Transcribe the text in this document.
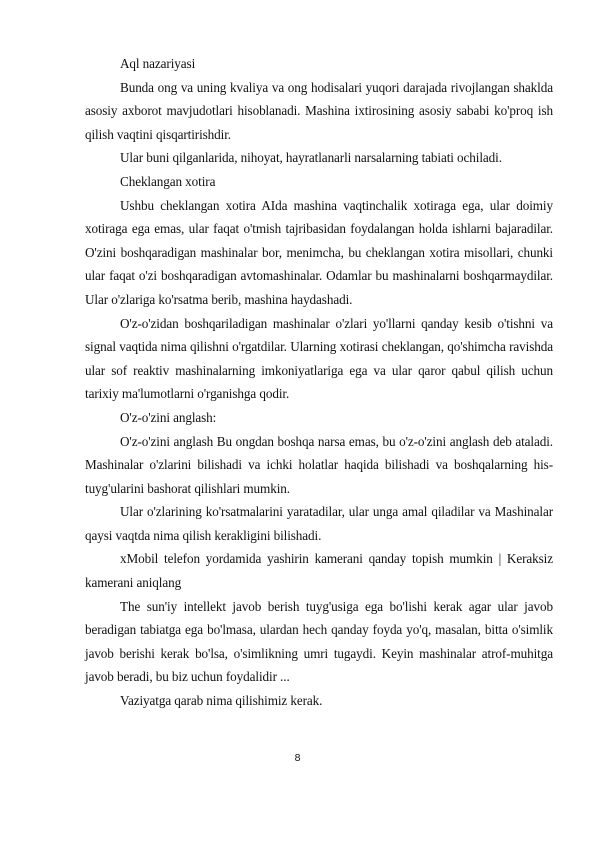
Aql nazariyasi

Bunda ong va uning kvaliya va ong hodisalari yuqori darajada rivojlangan shaklda asosiy axborot mavjudotlari hisoblanadi. Mashina ixtirosining asosiy sababi ko'proq ish qilish vaqtini qisqartirishdir.

Ular buni qilganlarida, nihoyat, hayratlanarli narsalarning tabiati ochiladi.

Cheklangan xotira

Ushbu cheklangan xotira AIda mashina vaqtinchalik xotiraga ega, ular doimiy xotiraga ega emas, ular faqat o'tmish tajribasidan foydalangan holda ishlarni bajaradilar. O'zini boshqaradigan mashinalar bor, menimcha, bu cheklangan xotira misollari, chunki ular faqat o'zi boshqaradigan avtomashinalar. Odamlar bu mashinalarni boshqarmaydilar. Ular o'zlariga ko'rsatma berib, mashina haydashadi.

O'z-o'zidan boshqariladigan mashinalar o'zlari yo'llarni qanday kesib o'tishni va signal vaqtida nima qilishni o'rgatdilar. Ularning xotirasi cheklangan, qo'shimcha ravishda ular sof reaktiv mashinalarning imkoniyatlariga ega va ular qaror qabul qilish uchun tarixiy ma'lumotlarni o'rganishga qodir.

O'z-o'zini anglash:

O'z-o'zini anglash Bu ongdan boshqa narsa emas, bu o'z-o'zini anglash deb ataladi. Mashinalar o'zlarini bilishadi va ichki holatlar haqida bilishadi va boshqalarning his-tuyg'ularini bashorat qilishlari mumkin.

Ular o'zlarining ko'rsatmalarini yaratadilar, ular unga amal qiladilar va Mashinalar qaysi vaqtda nima qilish kerakligini bilishadi.

xMobil telefon yordamida yashirin kamerani qanday topish mumkin | Keraksiz kamerani aniqlang

The sun'iy intellekt javob berish tuyg'usiga ega bo'lishi kerak agar ular javob beradigan tabiatga ega bo'lmasa, ulardan hech qanday foyda yo'q, masalan, bitta o'simlik javob berishi kerak bo'lsa, o'simlikning umri tugaydi. Keyin mashinalar atrof-muhitga javob beradi, bu biz uchun foydalidir ...

Vaziyatga qarab nima qilishimiz kerak.

8
